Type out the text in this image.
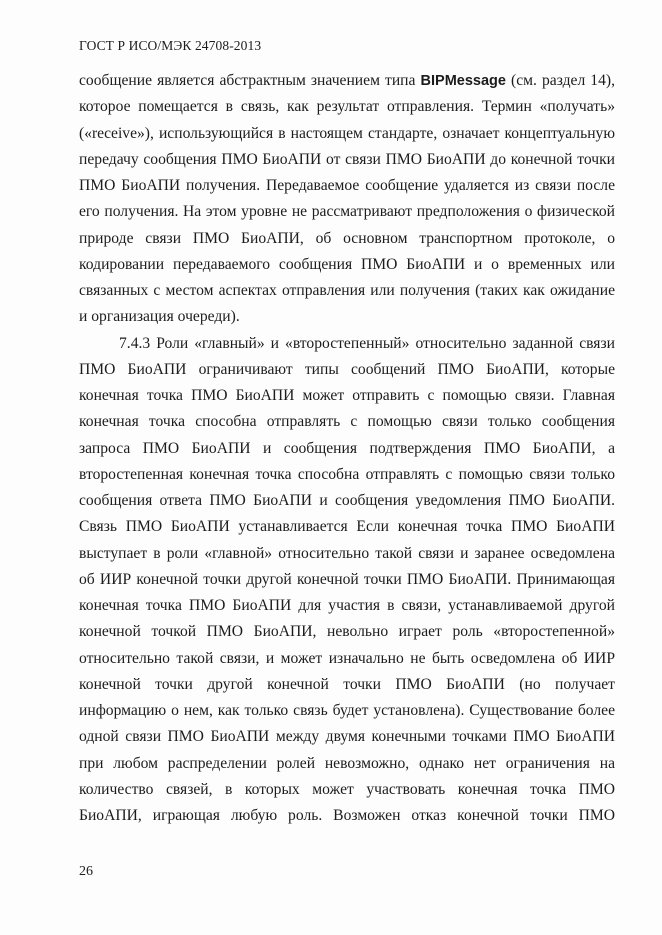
ГОСТ Р ИСО/МЭК 24708-2013
сообщение является абстрактным значением типа BIPMessage (см. раздел 14),
которое помещается в связь, как результат отправления. Термин «получать»
(«receive»), использующийся в настоящем стандарте, означает концептуальную
передачу сообщения ПМО БиоАПИ от связи ПМО БиоАПИ до конечной точки
ПМО БиоАПИ получения. Передаваемое сообщение удаляется из связи после
его получения. На этом уровне не рассматривают предположения о физической
природе связи ПМО БиоАПИ, об основном транспортном протоколе, о
кодировании передаваемого сообщения ПМО БиоАПИ и о временных или
связанных с местом аспектах отправления или получения (таких как ожидание
и организация очереди).
7.4.3 Роли «главный» и «второстепенный» относительно заданной связи
ПМО БиоАПИ ограничивают типы сообщений ПМО БиоАПИ, которые
конечная точка ПМО БиоАПИ может отправить с помощью связи. Главная
конечная точка способна отправлять с помощью связи только сообщения
запроса ПМО БиоАПИ и сообщения подтверждения ПМО БиоАПИ, а
второстепенная конечная точка способна отправлять с помощью связи только
сообщения ответа ПМО БиоАПИ и сообщения уведомления ПМО БиоАПИ.
Связь ПМО БиоАПИ устанавливается Если конечная точка ПМО БиоАПИ
выступает в роли «главной» относительно такой связи и заранее осведомлена
об ИИР конечной точки другой конечной точки ПМО БиоАПИ. Принимающая
конечная точка ПМО БиоАПИ для участия в связи, устанавливаемой другой
конечной точкой ПМО БиоАПИ, невольно играет роль «второстепенной»
относительно такой связи, и может изначально не быть осведомлена об ИИР
конечной точки другой конечной точки ПМО БиоАПИ (но получает
информацию о нем, как только связь будет установлена). Существование более
одной связи ПМО БиоАПИ между двумя конечными точками ПМО БиоАПИ
при любом распределении ролей невозможно, однако нет ограничения на
количество связей, в которых может участвовать конечная точка ПМО
БиоАПИ, играющая любую роль. Возможен отказ конечной точки ПМО
26
